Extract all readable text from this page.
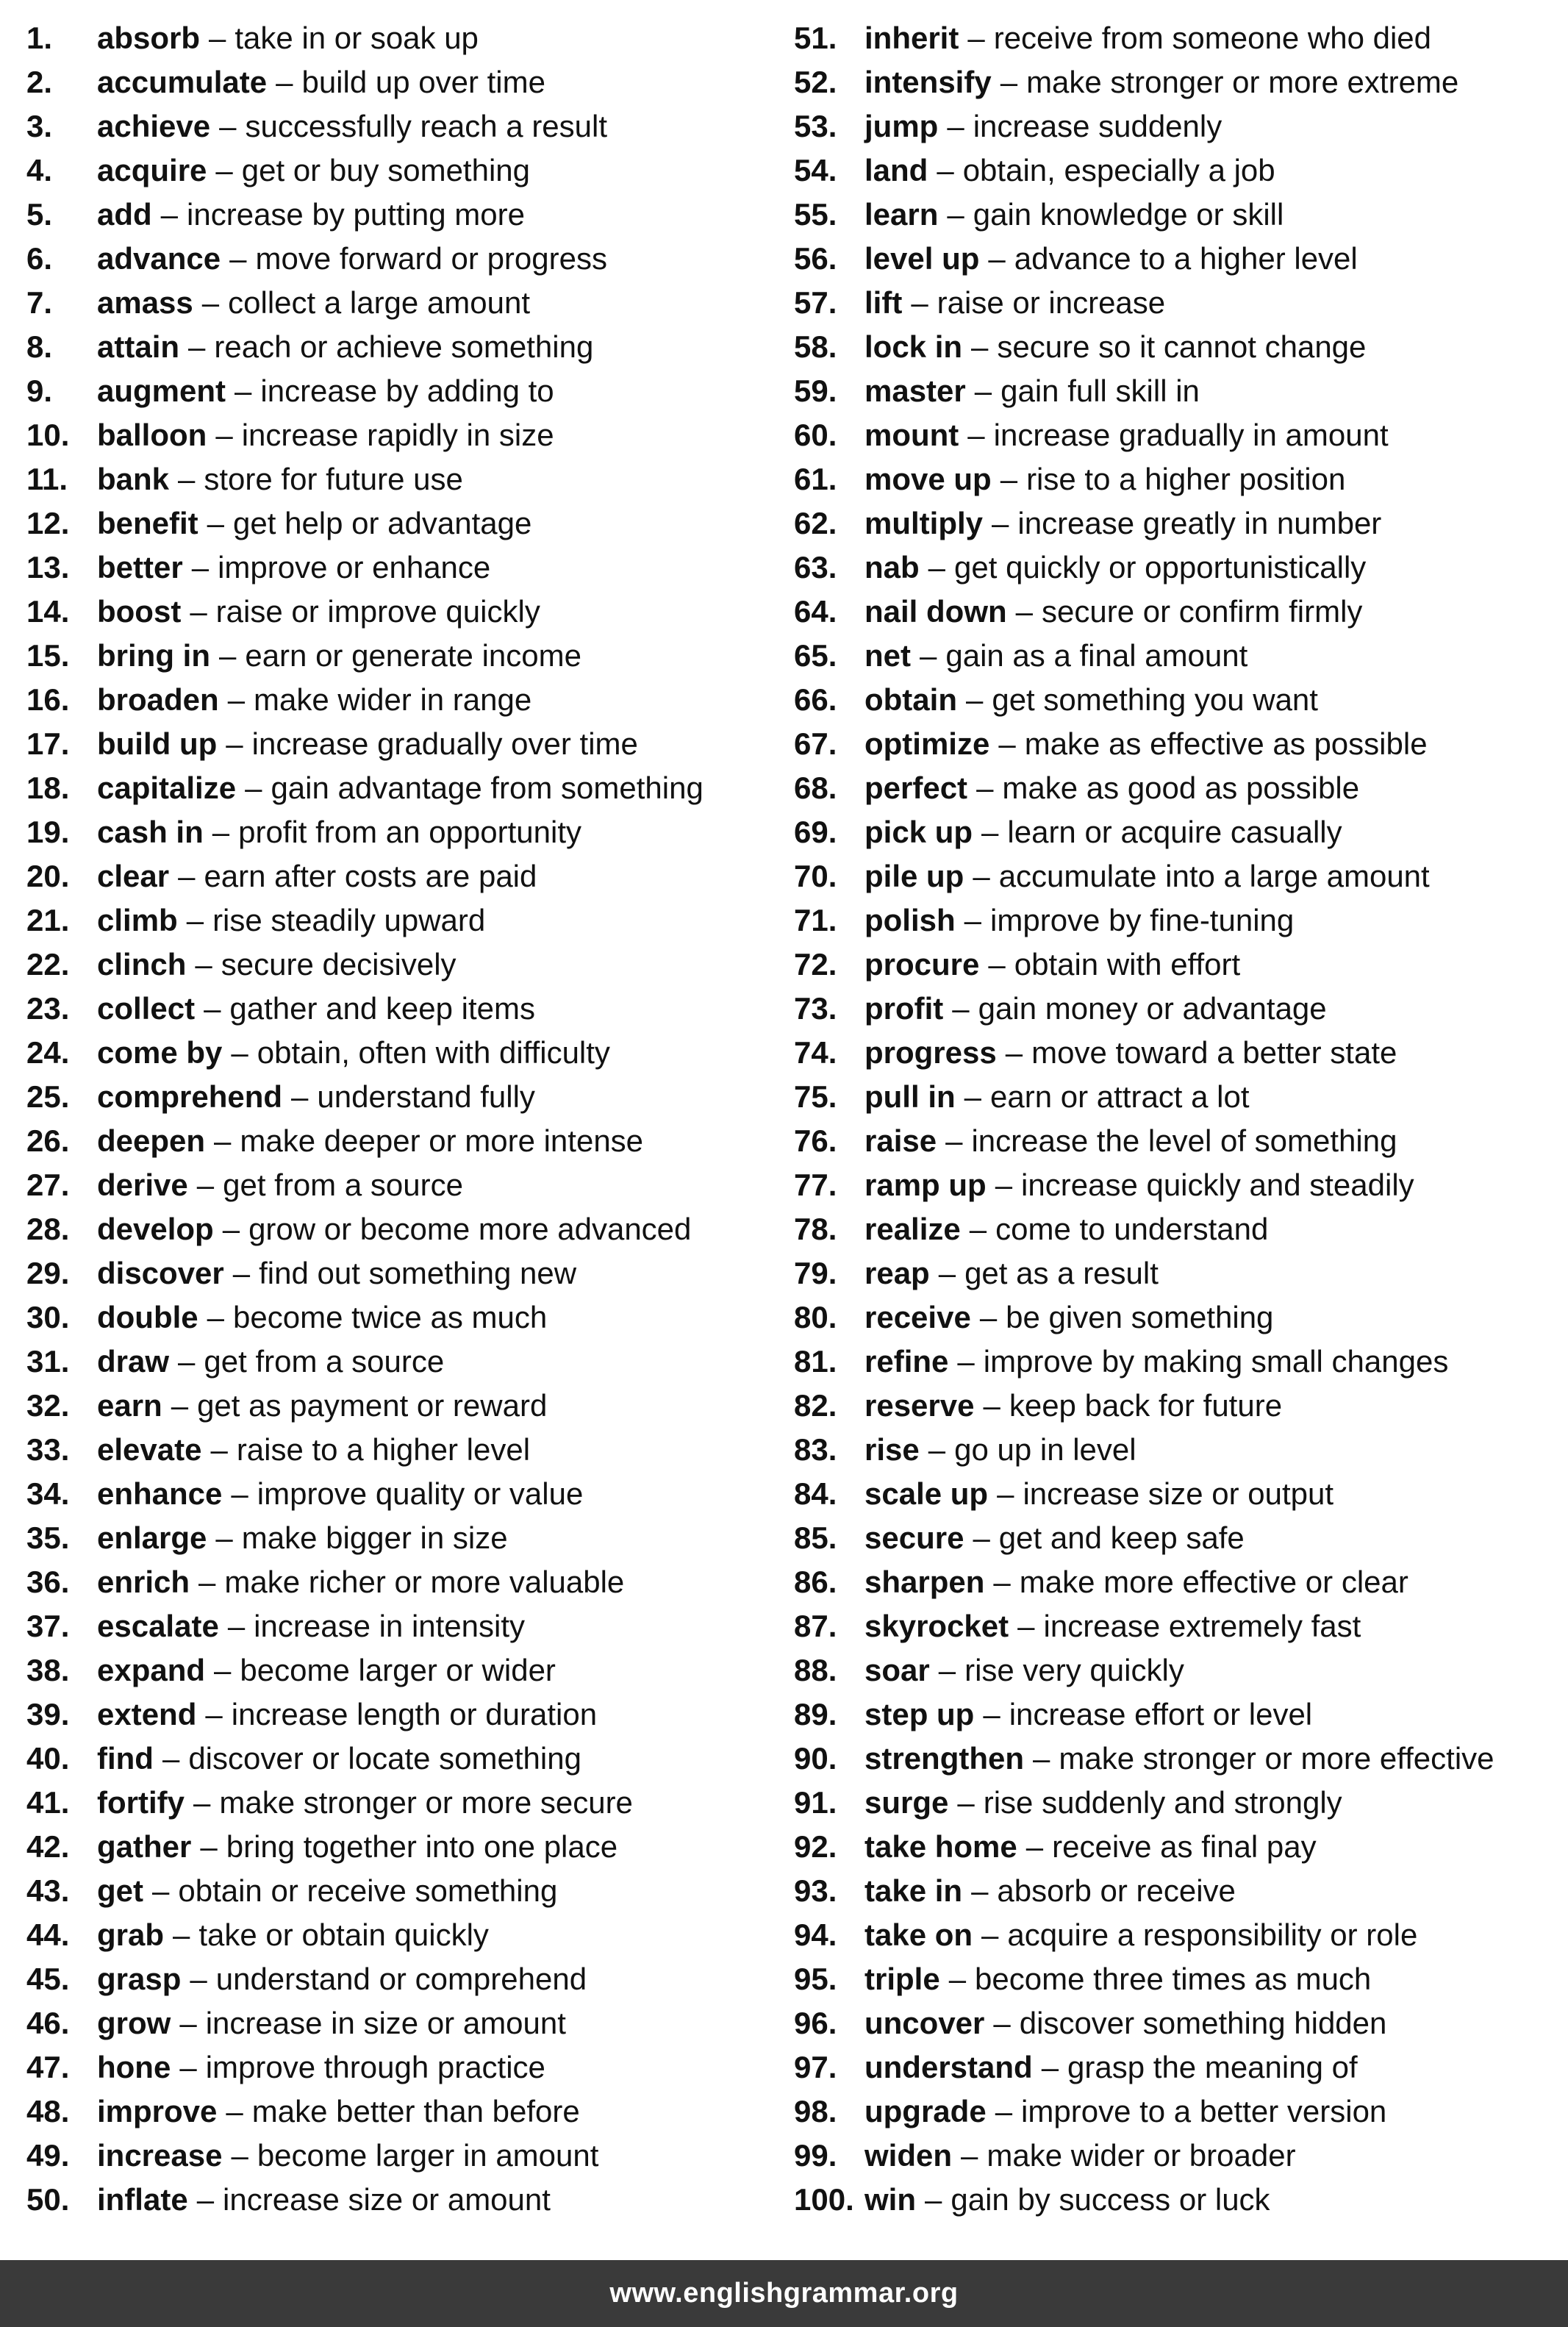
1.	absorb – take in or soak up
2.	accumulate – build up over time
3.	achieve – successfully reach a result
4.	acquire – get or buy something
5.	add – increase by putting more
6.	advance – move forward or progress
7.	amass – collect a large amount
8.	attain – reach or achieve something
9.	augment – increase by adding to
10. balloon – increase rapidly in size
11. bank – store for future use
12. benefit – get help or advantage
13. better – improve or enhance
14. boost – raise or improve quickly
15. bring in – earn or generate income
16. broaden – make wider in range
17. build up – increase gradually over time
18. capitalize – gain advantage from something
19. cash in – profit from an opportunity
20. clear – earn after costs are paid
21. climb – rise steadily upward
22. clinch – secure decisively
23. collect – gather and keep items
24. come by – obtain, often with difficulty
25. comprehend – understand fully
26. deepen – make deeper or more intense
27. derive – get from a source
28. develop – grow or become more advanced
29. discover – find out something new
30. double – become twice as much
31. draw – get from a source
32. earn – get as payment or reward
33. elevate – raise to a higher level
34. enhance – improve quality or value
35. enlarge – make bigger in size
36. enrich – make richer or more valuable
37. escalate – increase in intensity
38. expand – become larger or wider
39. extend – increase length or duration
40. find – discover or locate something
41. fortify – make stronger or more secure
42. gather – bring together into one place
43. get – obtain or receive something
44. grab – take or obtain quickly
45. grasp – understand or comprehend
46. grow – increase in size or amount
47. hone – improve through practice
48. improve – make better than before
49. increase – become larger in amount
50. inflate – increase size or amount
51. inherit – receive from someone who died
52. intensify – make stronger or more extreme
53. jump – increase suddenly
54. land – obtain, especially a job
55. learn – gain knowledge or skill
56. level up – advance to a higher level
57. lift – raise or increase
58. lock in – secure so it cannot change
59. master – gain full skill in
60. mount – increase gradually in amount
61. move up – rise to a higher position
62. multiply – increase greatly in number
63. nab – get quickly or opportunistically
64. nail down – secure or confirm firmly
65. net – gain as a final amount
66. obtain – get something you want
67. optimize – make as effective as possible
68. perfect – make as good as possible
69. pick up – learn or acquire casually
70. pile up – accumulate into a large amount
71. polish – improve by fine-tuning
72. procure – obtain with effort
73. profit – gain money or advantage
74. progress – move toward a better state
75. pull in – earn or attract a lot
76. raise – increase the level of something
77. ramp up – increase quickly and steadily
78. realize – come to understand
79. reap – get as a result
80. receive – be given something
81. refine – improve by making small changes
82. reserve – keep back for future
83. rise – go up in level
84. scale up – increase size or output
85. secure – get and keep safe
86. sharpen – make more effective or clear
87. skyrocket – increase extremely fast
88. soar – rise very quickly
89. step up – increase effort or level
90. strengthen – make stronger or more effective
91. surge – rise suddenly and strongly
92. take home – receive as final pay
93. take in – absorb or receive
94. take on – acquire a responsibility or role
95. triple – become three times as much
96. uncover – discover something hidden
97. understand – grasp the meaning of
98. upgrade – improve to a better version
99. widen – make wider or broader
100. win – gain by success or luck
www.englishgrammar.org
